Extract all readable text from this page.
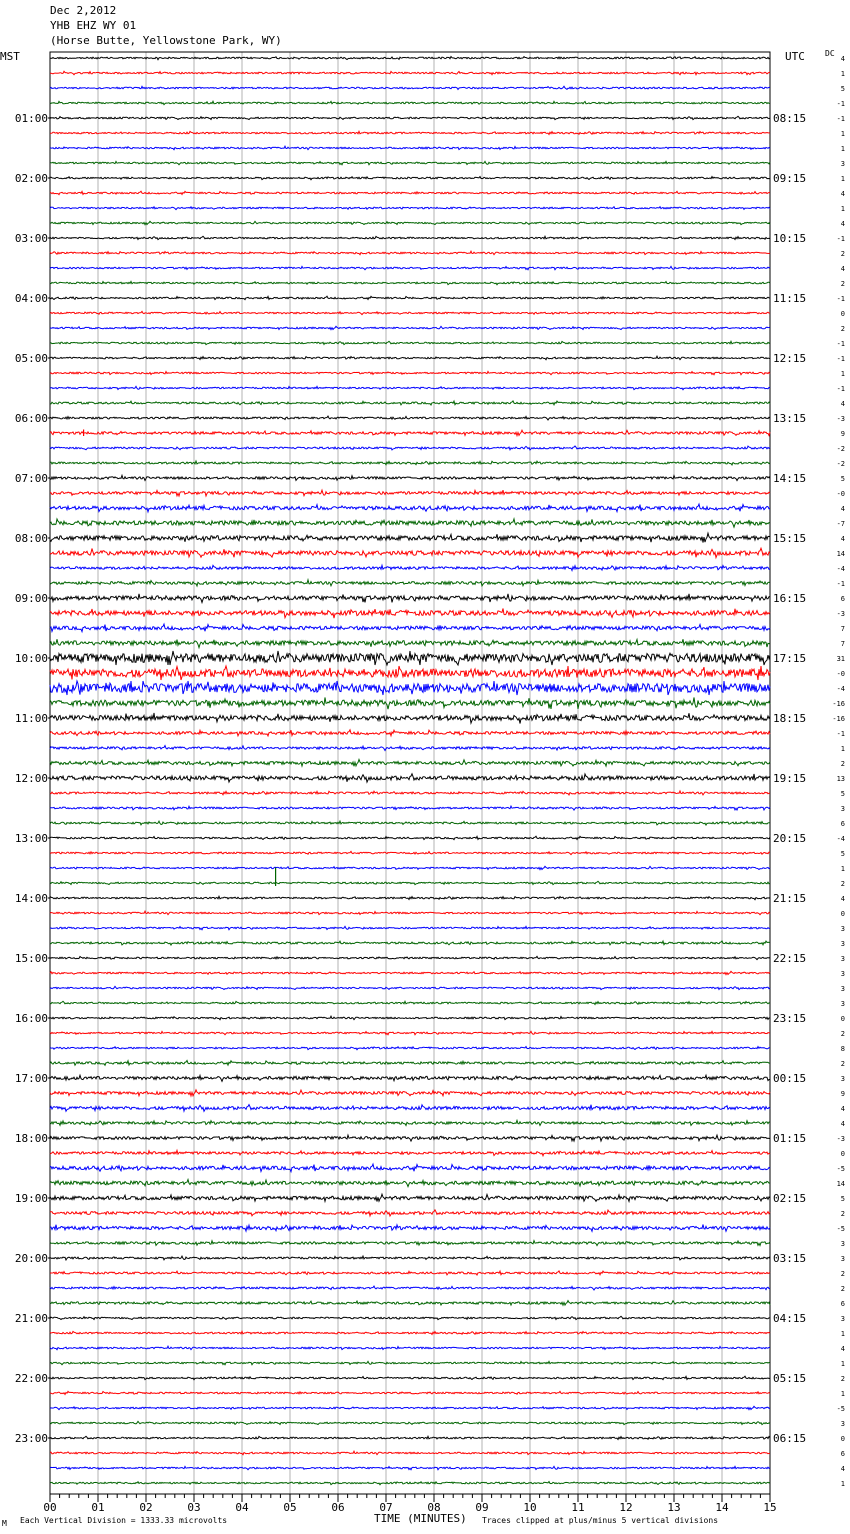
Dec 2,2012
YHB EHZ WY 01
(Horse Butte, Yellowstone Park, WY)
MST	UTC	DC
00	01	02	03	04	05	06	07	08	09	10	11	12	13	14	15
4
1
5
-1
-1
1
1
3
1
4
1
4
-1
2
4
2
-1
0
2
-1
-1
1
-1
4
-3
9
-2
-2
5
-0
4
-7
4
14
-4
-1
6
-3
7
7
31
-0
-4
-16
-16
-1
1
2
13
5
3
6
-4
5
1
2
4
0
3
3
3
3
3
3
0
2
8
2
3
9
4
4
-3
0
-5
14
5
2
-5
3
3
2
2
6
3
1
4
1
2
1
-5
3
0
6
4
1
01:00
02:00
03:00
04:00
05:00
06:00
07:00
08:00
09:00
10:00
11:00
12:00
13:00
14:00
15:00
16:00
17:00
18:00
19:00
20:00
21:00
22:00
23:00
08:15
09:15
10:15
11:15
12:15
13:15
14:15
15:15
16:15
17:15
18:15
19:15
20:15
21:15
22:15
23:15
00:15
01:15
02:15
03:15
04:15
05:15
06:15
M Each Vertical Division = 1333.33 microvolts	TIME (MINUTES) Traces clipped at plus/minus 5 vertical divisions
